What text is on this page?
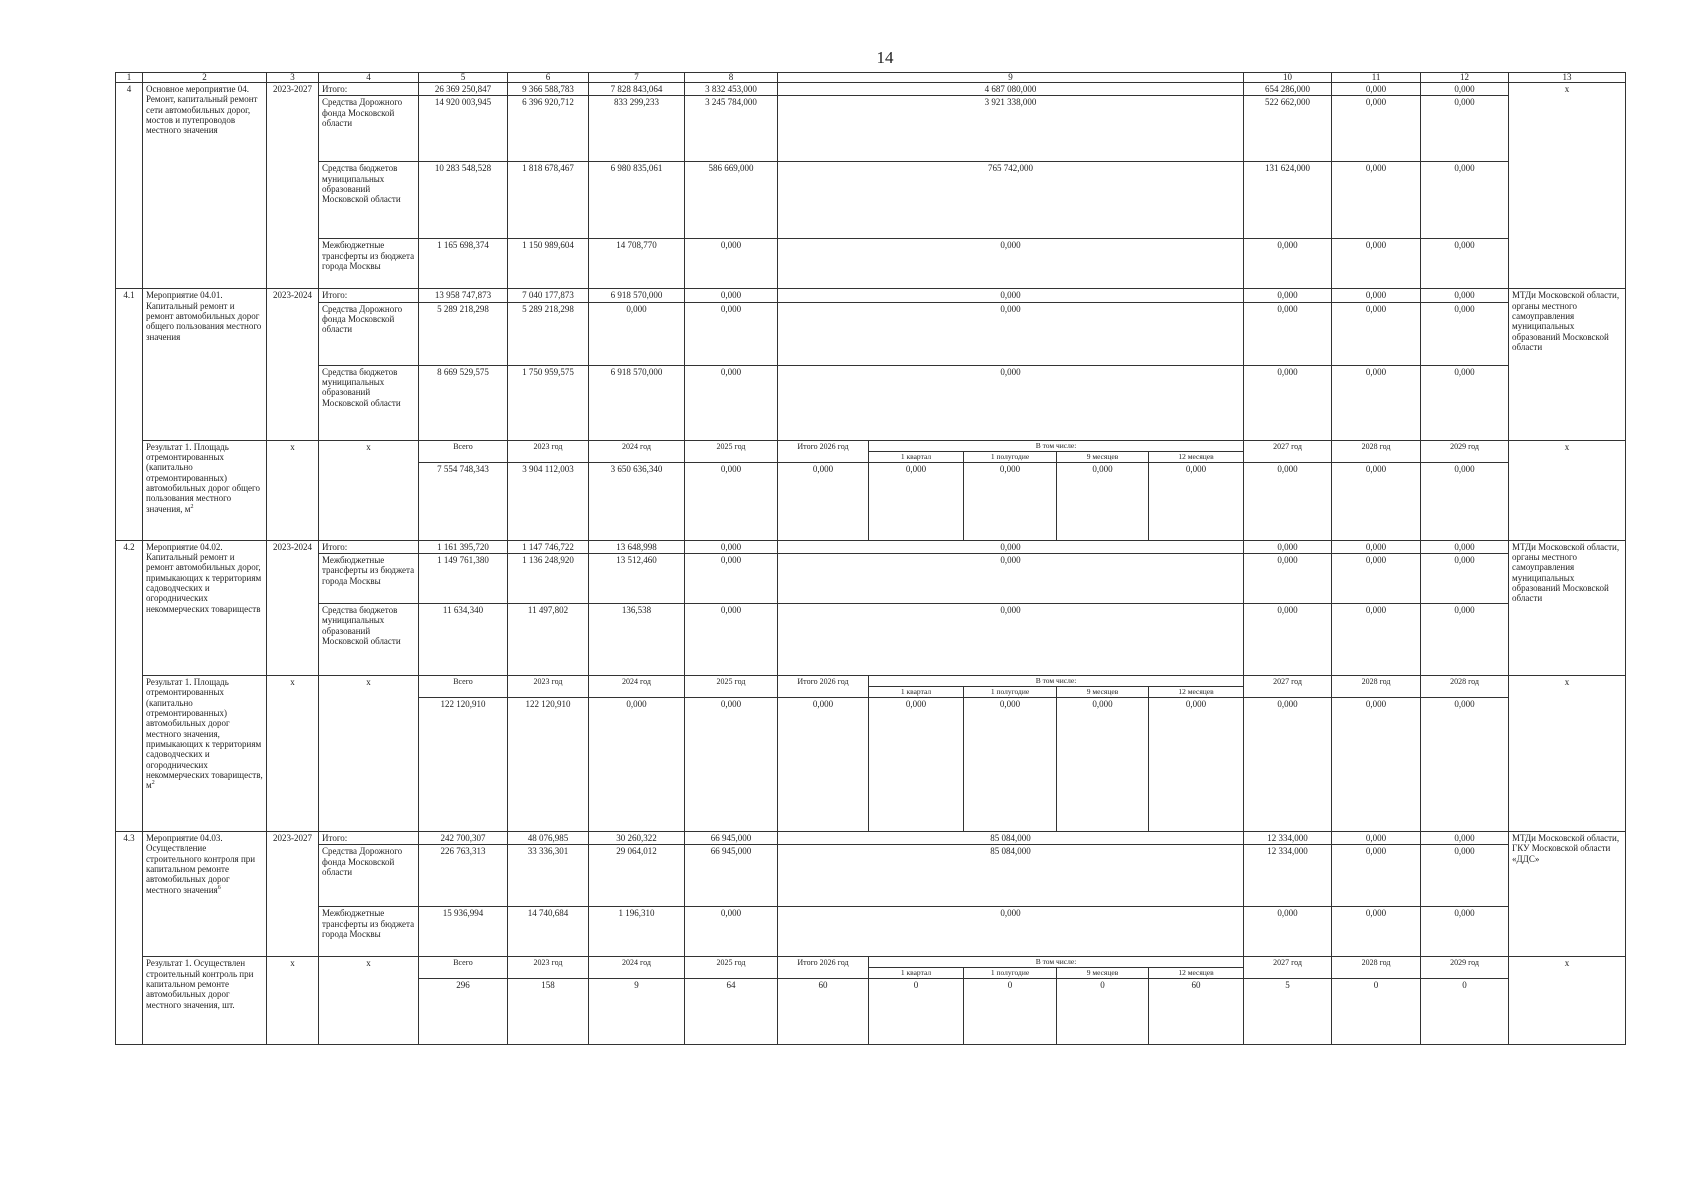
14
1	2	3	4	5	6	7	8	9					10	11	12	13
4	Основное мероприятие 04. Ремонт, капитальный ремонт сети автомобильных дорог, мостов и путепроводов местного значения	2023-2027	Итого:	26 369 250,847	9 366 588,783	7 828 843,064	3 832 453,000	4 687 080,000					654 286,000	0,000	0,000	х
			Средства Дорожного фонда Московской области	14 920 003,945	6 396 920,712	833 299,233	3 245 784,000	3 921 338,000					522 662,000	0,000	0,000	
			Средства бюджетов муниципальных образований Московской области	10 283 548,528	1 818 678,467	6 980 835,061	586 669,000	765 742,000					131 624,000	0,000	0,000	
			Межбюджетные трансферты из бюджета города Москвы	1 165 698,374	1 150 989,604	14 708,770	0,000	0,000					0,000	0,000	0,000	
4.1	Мероприятие 04.01. Капитальный ремонт и ремонт автомобильных дорог общего пользования местного значения	2023-2024	Итого:	13 958 747,873	7 040 177,873	6 918 570,000	0,000	0,000					0,000	0,000	0,000	МТДи Московской области, органы местного самоуправления муниципальных образований Московской области
			Средства Дорожного фонда Московской области	5 289 218,298	5 289 218,298	0,000	0,000	0,000					0,000	0,000	0,000	
			Средства бюджетов муниципальных образований Московской области	8 669 529,575	1 750 959,575	6 918 570,000	0,000	0,000					0,000	0,000	0,000	
	Результат 1. Площадь отремонтированных (капитально отремонтированных) автомобильных дорог общего пользования местного значения, $м^2$	х	х	Всего	2023 год	2024 год	2025 год	Итого 2026 год	В том числе:				2027 год	2028 год	2029 год	х
									1 квартал	1 полугодие	9 месяцев	12 месяцев				
				7 554 748,343	3 904 112,003	3 650 636,340	0,000	0,000	0,000	0,000	0,000	0,000	0,000	0,000	0,000	
4.2	Мероприятие 04.02. Капитальный ремонт и ремонт автомобильных дорог, примыкающих к территориям садоводческих и огороднических некоммерческих товариществ	2023-2024	Итого:	1 161 395,720	1 147 746,722	13 648,998	0,000	0,000					0,000	0,000	0,000	МТДи Московской области, органы местного самоуправления муниципальных образований Московской области
			Межбюджетные трансферты из бюджета города Москвы	1 149 761,380	1 136 248,920	13 512,460	0,000	0,000					0,000	0,000	0,000	
			Средства бюджетов муниципальных образований Московской области	11 634,340	11 497,802	136,538	0,000	0,000					0,000	0,000	0,000	
	Результат 1. Площадь отремонтированных (капитально отремонтированных) автомобильных дорог местного значения, примыкающих к территориям садоводческих и огороднических некоммерческих товариществ, $м^2$	х	х	Всего	2023 год	2024 год	2025 год	Итого 2026 год	В том числе:				2027 год	2028 год	2028 год	х
									1 квартал	1 полугодие	9 месяцев	12 месяцев				
				122 120,910	122 120,910	0,000	0,000	0,000	0,000	0,000	0,000	0,000	0,000	0,000	0,000	
4.3	Мероприятие 04.03. Осуществление строительного контроля при капитальном ремонте автомобильных дорог местного значения$^6$	2023-2027	Итого:	242 700,307	48 076,985	30 260,322	66 945,000	85 084,000					12 334,000	0,000	0,000	МТДи Московской области, ГКУ Московской области «ДДС»
			Средства Дорожного фонда Московской области	226 763,313	33 336,301	29 064,012	66 945,000	85 084,000					12 334,000	0,000	0,000	
			Межбюджетные трансферты из бюджета города Москвы	15 936,994	14 740,684	1 196,310	0,000	0,000					0,000	0,000	0,000	
	Результат 1. Осуществлен строительный контроль при капитальном ремонте автомобильных дорог местного значения, шт.	х	х	Всего	2023 год	2024 год	2025 год	Итого 2026 год	В том числе:				2027 год	2028 год	2029 год	х
									1 квартал	1 полугодие	9 месяцев	12 месяцев				
				296	158	9	64	60	0	0	0	60	5	0	0	
